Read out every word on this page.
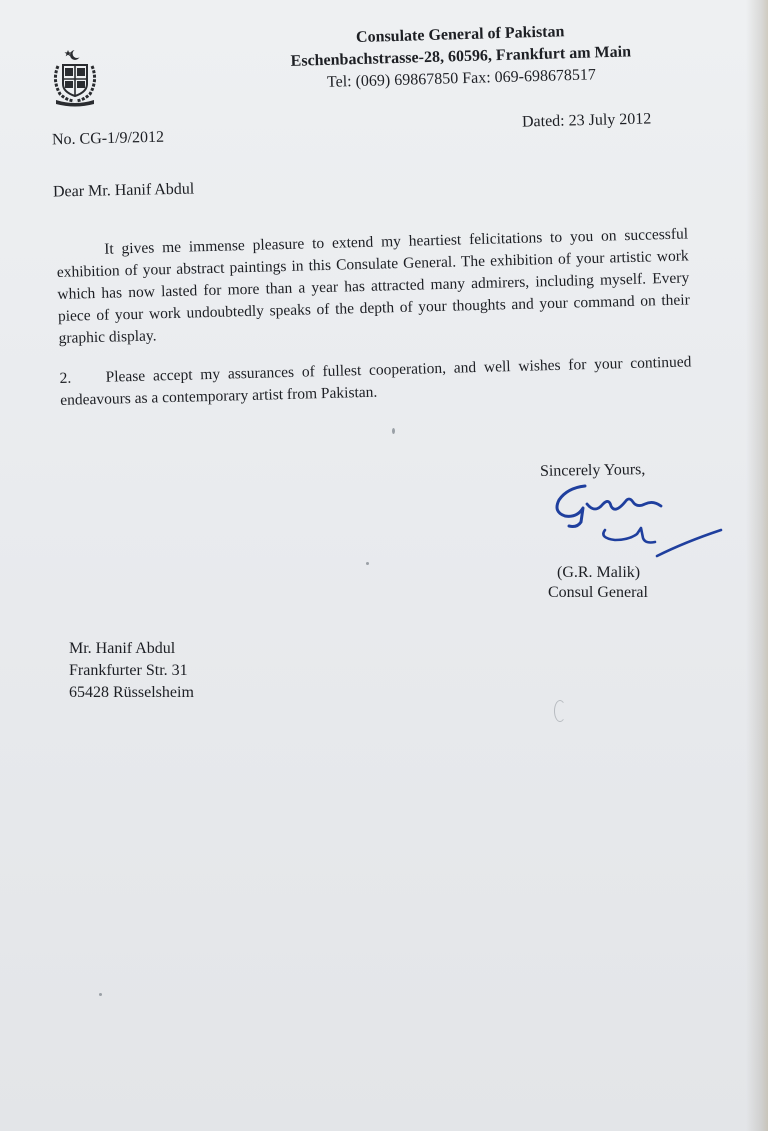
Consulate General of Pakistan
Eschenbachstrasse-28, 60596, Frankfurt am Main
Tel: (069) 69867850 Fax: 069-698678517
No. CG-1/9/2012
Dated: 23 July 2012
Dear Mr. Hanif Abdul

It gives me immense pleasure to extend my heartiest felicitations to you on successful exhibition of your abstract paintings in this Consulate General. The exhibition of your artistic work which has now lasted for more than a year has attracted many admirers, including myself. Every piece of your work undoubtedly speaks of the depth of your thoughts and your command on their graphic display.

2. Please accept my assurances of fullest cooperation, and well wishes for your continued endeavours as a contemporary artist from Pakistan.

Sincerely Yours,
(G.R. Malik)
Consul General
Mr. Hanif Abdul
Frankfurter Str. 31
65428 Rüsselsheim
